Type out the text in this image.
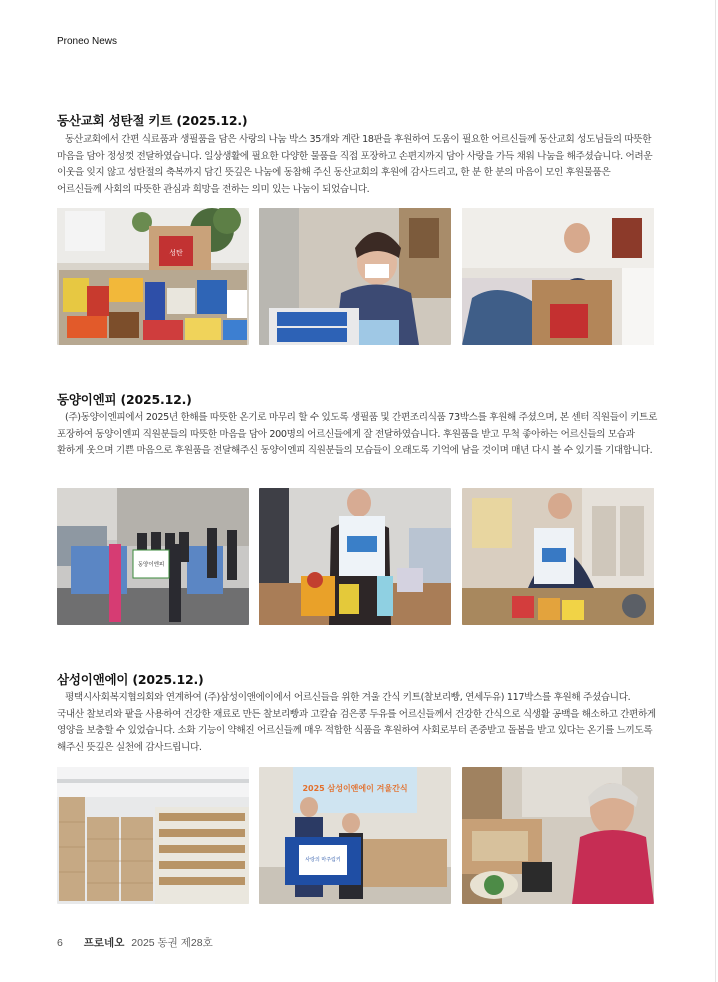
Proneo News
동산교회 성탄절 키트 (2025.12.)
동산교회에서 간편 식료품과 생필품을 담은 사랑의 나눔 박스 35개와 계란 18판을 후원하여 도움이 필요한 어르신들께 동산교회 성도님들의 따뜻한 마음을 담아 정성껏 전달하였습니다. 일상생활에 필요한 다양한 물품을 직접 포장하고 손편지까지 담아 사랑을 가득 채워 나눔을 해주셨습니다. 어려운 이웃을 잊지 않고 성탄절의 축복까지 담긴 뜻깊은 나눔에 동참해 주신 동산교회의 후원에 감사드리고, 한 분 한 분의 마음이 모인 후원물품은 어르신들께 사회의 따뜻한 관심과 희망을 전하는 의미 있는 나눔이 되었습니다.
성탄
동양이엔피 (2025.12.)
(주)동양이엔피에서 2025년 한해를 따뜻한 온기로 마무리 할 수 있도록 생필품 및 간편조리식품 73박스를 후원해 주셨으며, 본 센터 직원들이 키트로 포장하여 동양이엔피 직원분들의 따뜻한 마음을 담아 200명의 어르신들에게 잘 전달하였습니다. 후원품을 받고 무척 좋아하는 어르신들의 모습과 환하게 웃으며 기쁜 마음으로 후원품을 전달해주신 동양이엔피 직원분들의 모습들이 오래도록 기억에 남을 것이며 매년 다시 볼 수 있기를 기대합니다.
동양이엔피
삼성이앤에이 (2025.12.)
평택시사회복지협의회와 연계하여 (주)삼성이앤에이에서 어르신들을 위한 겨울 간식 키트(찰보리빵, 연세두유) 117박스를 후원해 주셨습니다. 국내산 찰보리와 팥을 사용하여 건강한 재료로 만든 찰보리빵과 고칼슘 검은콩 두유를 어르신들께서 건강한 간식으로 식생활 공백을 해소하고 간편하게 영양을 보충할 수 있었습니다. 소화 기능이 약해진 어르신들께 매우 적합한 식품을 후원하여 사회로부터 존중받고 돌봄을 받고 있다는 온기를 느끼도록 해주신 뜻깊은 실천에 감사드립니다.
2025 삼성이앤에이 겨울간식
사랑의 마주림키
6 프로네오 2025 동권 제28호
